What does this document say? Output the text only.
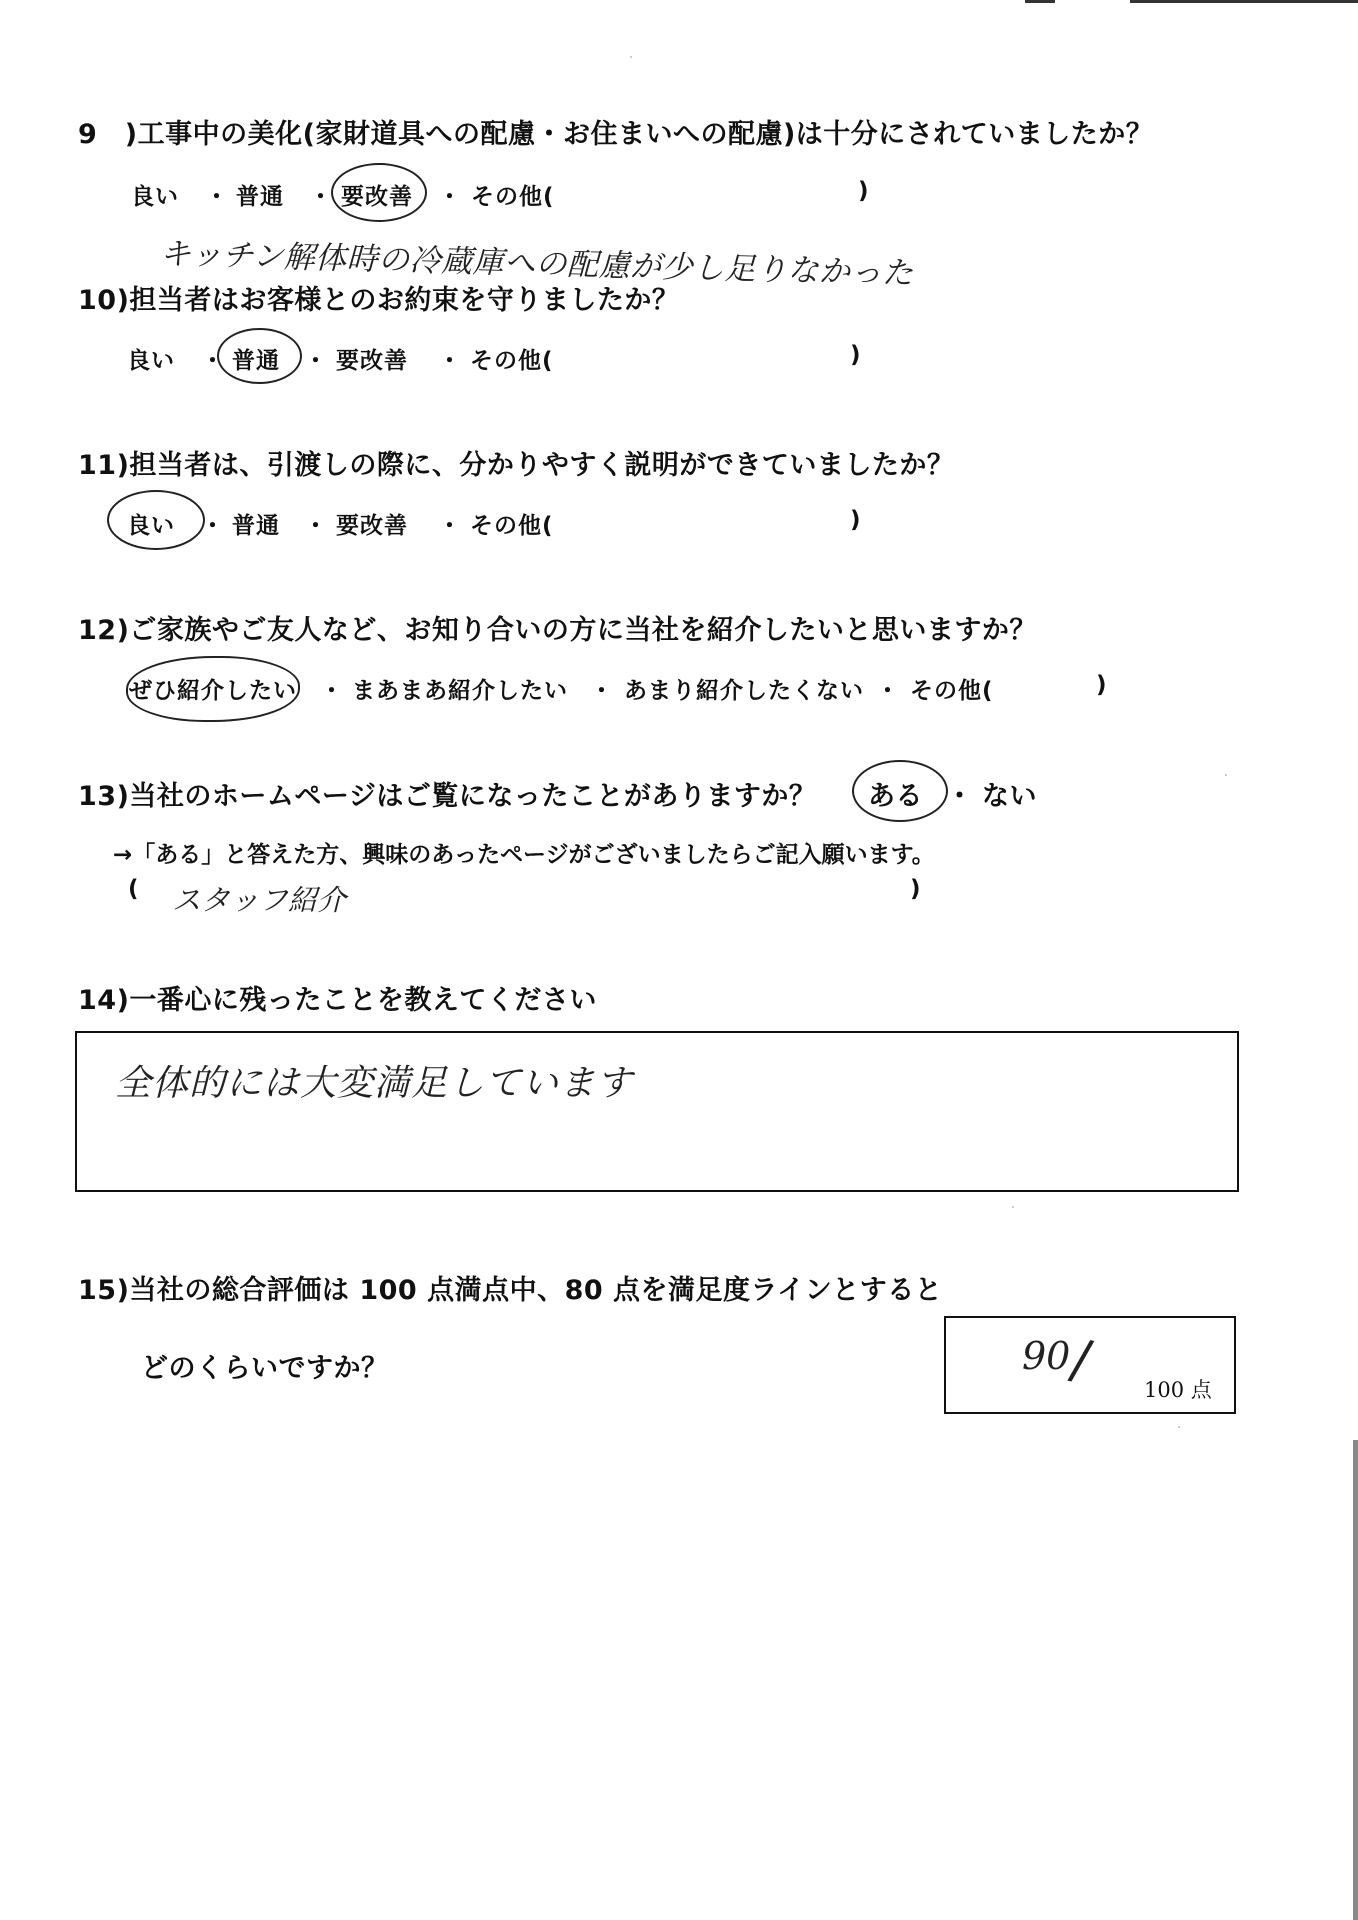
9　)工事中の美化(家財道具への配慮・お住まいへの配慮)は十分にされていましたか？
良い ・ 普通 ・ 要改善 ・ その他(	)
キッチン解体時の冷蔵庫への配慮が少し足りなかった
10)担当者はお客様とのお約束を守りましたか？
良い ・ 普通 ・ 要改善 ・ その他(	)
11)担当者は、引渡しの際に、分かりやすく説明ができていましたか？
良い ・ 普通 ・ 要改善 ・ その他(	)
12)ご家族やご友人など、お知り合いの方に当社を紹介したいと思いますか？
ぜひ紹介したい ・ まあまあ紹介したい ・ あまり紹介したくない ・ その他(	)
13)当社のホームページはご覧になったことがありますか？ ある ・ ない
→「ある」と答えた方、興味のあったページがございましたらご記入願います。
( スタッフ紹介	)
14)一番心に残ったことを教えてください
全体的には大変満足しています
15)当社の総合評価は 100 点満点中、80 点を満足度ラインとすると
どのくらいですか？	90
/ 100 点
